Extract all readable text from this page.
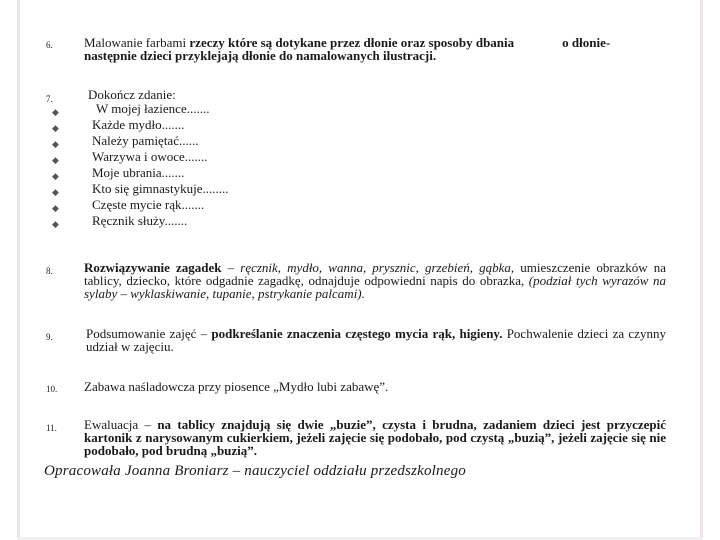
6. Malowanie farbami rzeczy które są dotykane przez dłonie oraz sposoby dbania	o dłonie-
następnie dzieci przyklejają dłonie do namalowanych ilustracji.
7.	Dokończ zdanie:
◆	W mojej łazience.......
◆	Każde mydło.......
◆	Należy pamiętać......
◆	Warzywa i owoce.......
◆	Moje ubrania.......
◆	Kto się gimnastykuje........
◆	Częste mycie rąk.......
◆	Ręcznik służy.......
8. Rozwiązywanie zagadek – ręcznik, mydło, wanna, prysznic, grzebień, gąbka, umieszczenie obrazków na tablicy, dziecko, które odgadnie zagadkę, odnajduje odpowiedni napis do obrazka, (podział tych wyrazów na sylaby – wyklaskiwanie, tupanie, pstrykanie palcami).
9.	Podsumowanie zajęć – podkreślanie znaczenia częstego mycia rąk, higieny. Pochwalenie dzieci za czynny udział w zajęciu.
10. Zabawa naśladowcza przy piosence „Mydło lubi zabawę”.
11. Ewaluacja – na tablicy znajdują się dwie „buzie”, czysta i brudna, zadaniem dzieci jest przyczepić kartonik z narysowanym cukierkiem, jeżeli zajęcie się podobało, pod czystą „buzią”, jeżeli zajęcie się nie podobało, pod brudną „buzią”.
Opracowała Joanna Broniarz – nauczyciel oddziału przedszkolnego
